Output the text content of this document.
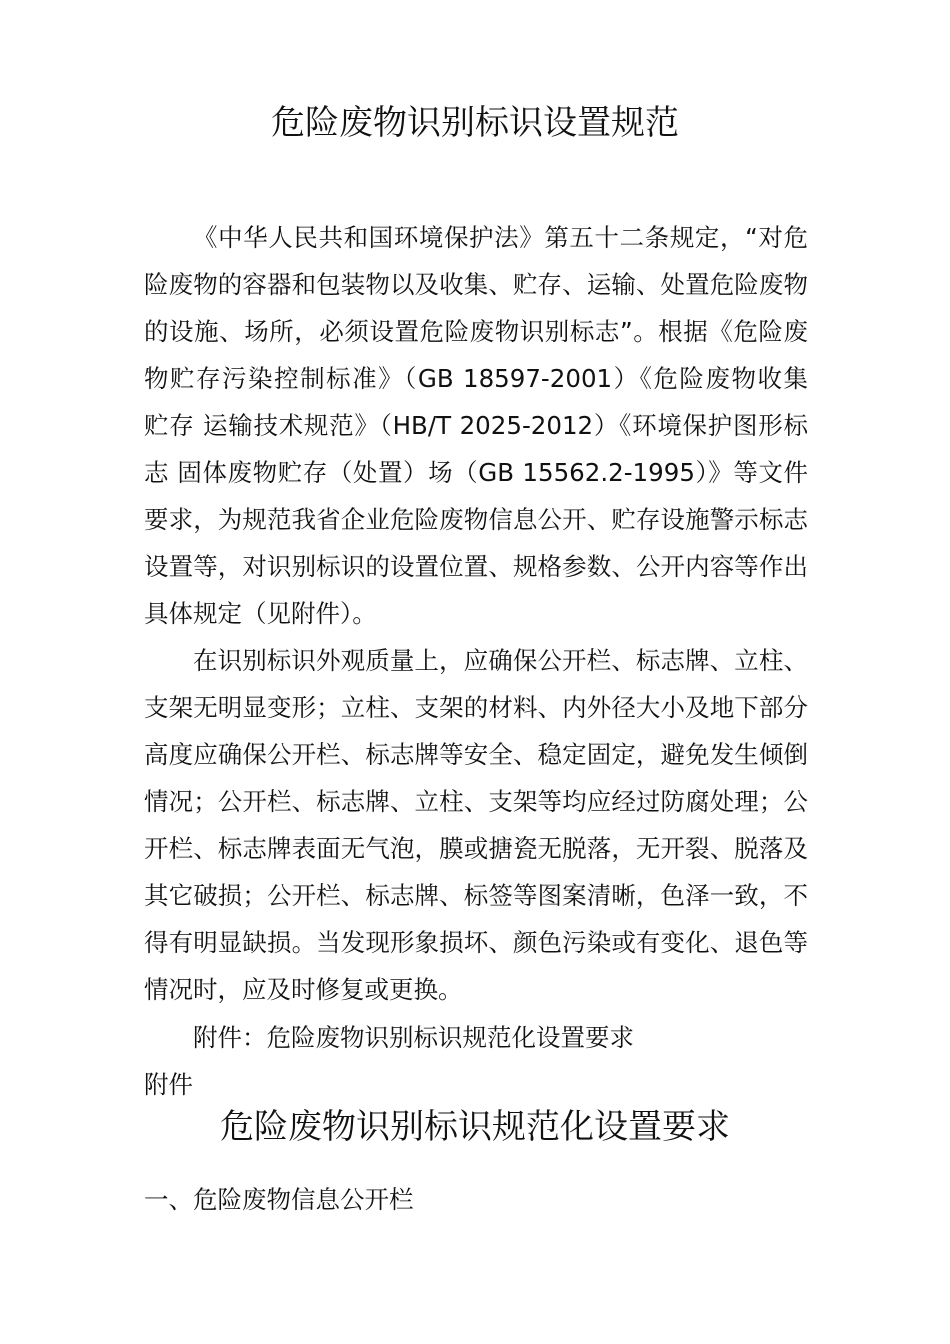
危险废物识别标识设置规范

《中华人民共和国环境保护法》第五十二条规定，“对危险废物的容器和包装物以及收集、贮存、运输、处置危险废物的设施、场所，必须设置危险废物识别标志”。根据《危险废物贮存污染控制标准》（GB 18597-2001）《危险废物收集 贮存 运输技术规范》（HB/T 2025-2012）《环境保护图形标志 固体废物贮存（处置）场（GB 15562.2-1995）》等文件要求，为规范我省企业危险废物信息公开、贮存设施警示标志设置等，对识别标识的设置位置、规格参数、公开内容等作出具体规定（见附件）。

在识别标识外观质量上，应确保公开栏、标志牌、立柱、支架无明显变形；立柱、支架的材料、内外径大小及地下部分高度应确保公开栏、标志牌等安全、稳定固定，避免发生倾倒情况；公开栏、标志牌、立柱、支架等均应经过防腐处理；公开栏、标志牌表面无气泡，膜或搪瓷无脱落，无开裂、脱落及其它破损；公开栏、标志牌、标签等图案清晰，色泽一致，不得有明显缺损。当发现形象损坏、颜色污染或有变化、退色等情况时，应及时修复或更换。

附件：危险废物识别标识规范化设置要求

附件

危险废物识别标识规范化设置要求
一、危险废物信息公开栏
